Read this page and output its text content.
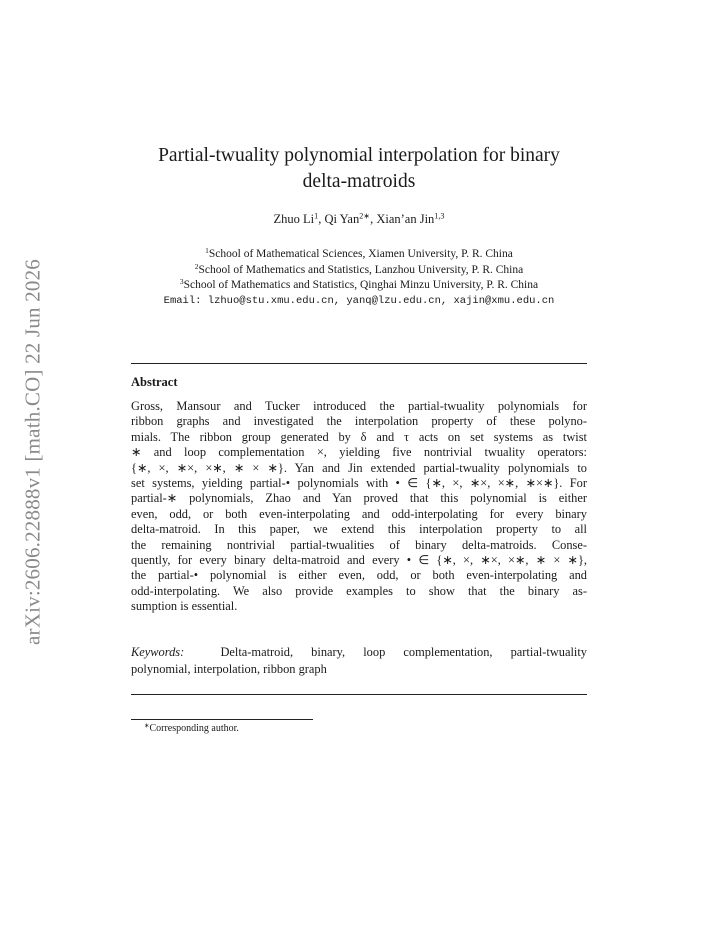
arXiv:2606.22888v1 [math.CO] 22 Jun 2026
Partial-twuality polynomial interpolation for binary
delta-matroids
Zhuo Li$^1$, Qi Yan$^{2∗}$, Xian’an Jin$^{1,3}$
$^1$School of Mathematical Sciences, Xiamen University, P. R. China
$^2$School of Mathematics and Statistics, Lanzhou University, P. R. China
$^3$School of Mathematics and Statistics, Qinghai Minzu University, P. R. China
Email: lzhuo@stu.xmu.edu.cn, yanq@lzu.edu.cn, xajin@xmu.edu.cn
Abstract
Gross, Mansour and Tucker introduced the partial-twuality polynomials for
ribbon graphs and investigated the interpolation property of these polyno-
mials. The ribbon group generated by δ and τ acts on set systems as twist
∗ and loop complementation ×, yielding five nontrivial twuality operators:
{∗, ×, ∗×, ×∗, ∗ × ∗}. Yan and Jin extended partial-twuality polynomials to
set systems, yielding partial-• polynomials with • ∈ {∗, ×, ∗×, ×∗, ∗×∗}. For
partial-∗ polynomials, Zhao and Yan proved that this polynomial is either
even, odd, or both even-interpolating and odd-interpolating for every binary
delta-matroid. In this paper, we extend this interpolation property to all
the remaining nontrivial partial-twualities of binary delta-matroids. Conse-
quently, for every binary delta-matroid and every • ∈ {∗, ×, ∗×, ×∗, ∗ × ∗},
the partial-• polynomial is either even, odd, or both even-interpolating and
odd-interpolating. We also provide examples to show that the binary as-
sumption is essential.
Keywords:	Delta-matroid, binary, loop complementation, partial-twuality
polynomial, interpolation, ribbon graph
∗Corresponding author.
